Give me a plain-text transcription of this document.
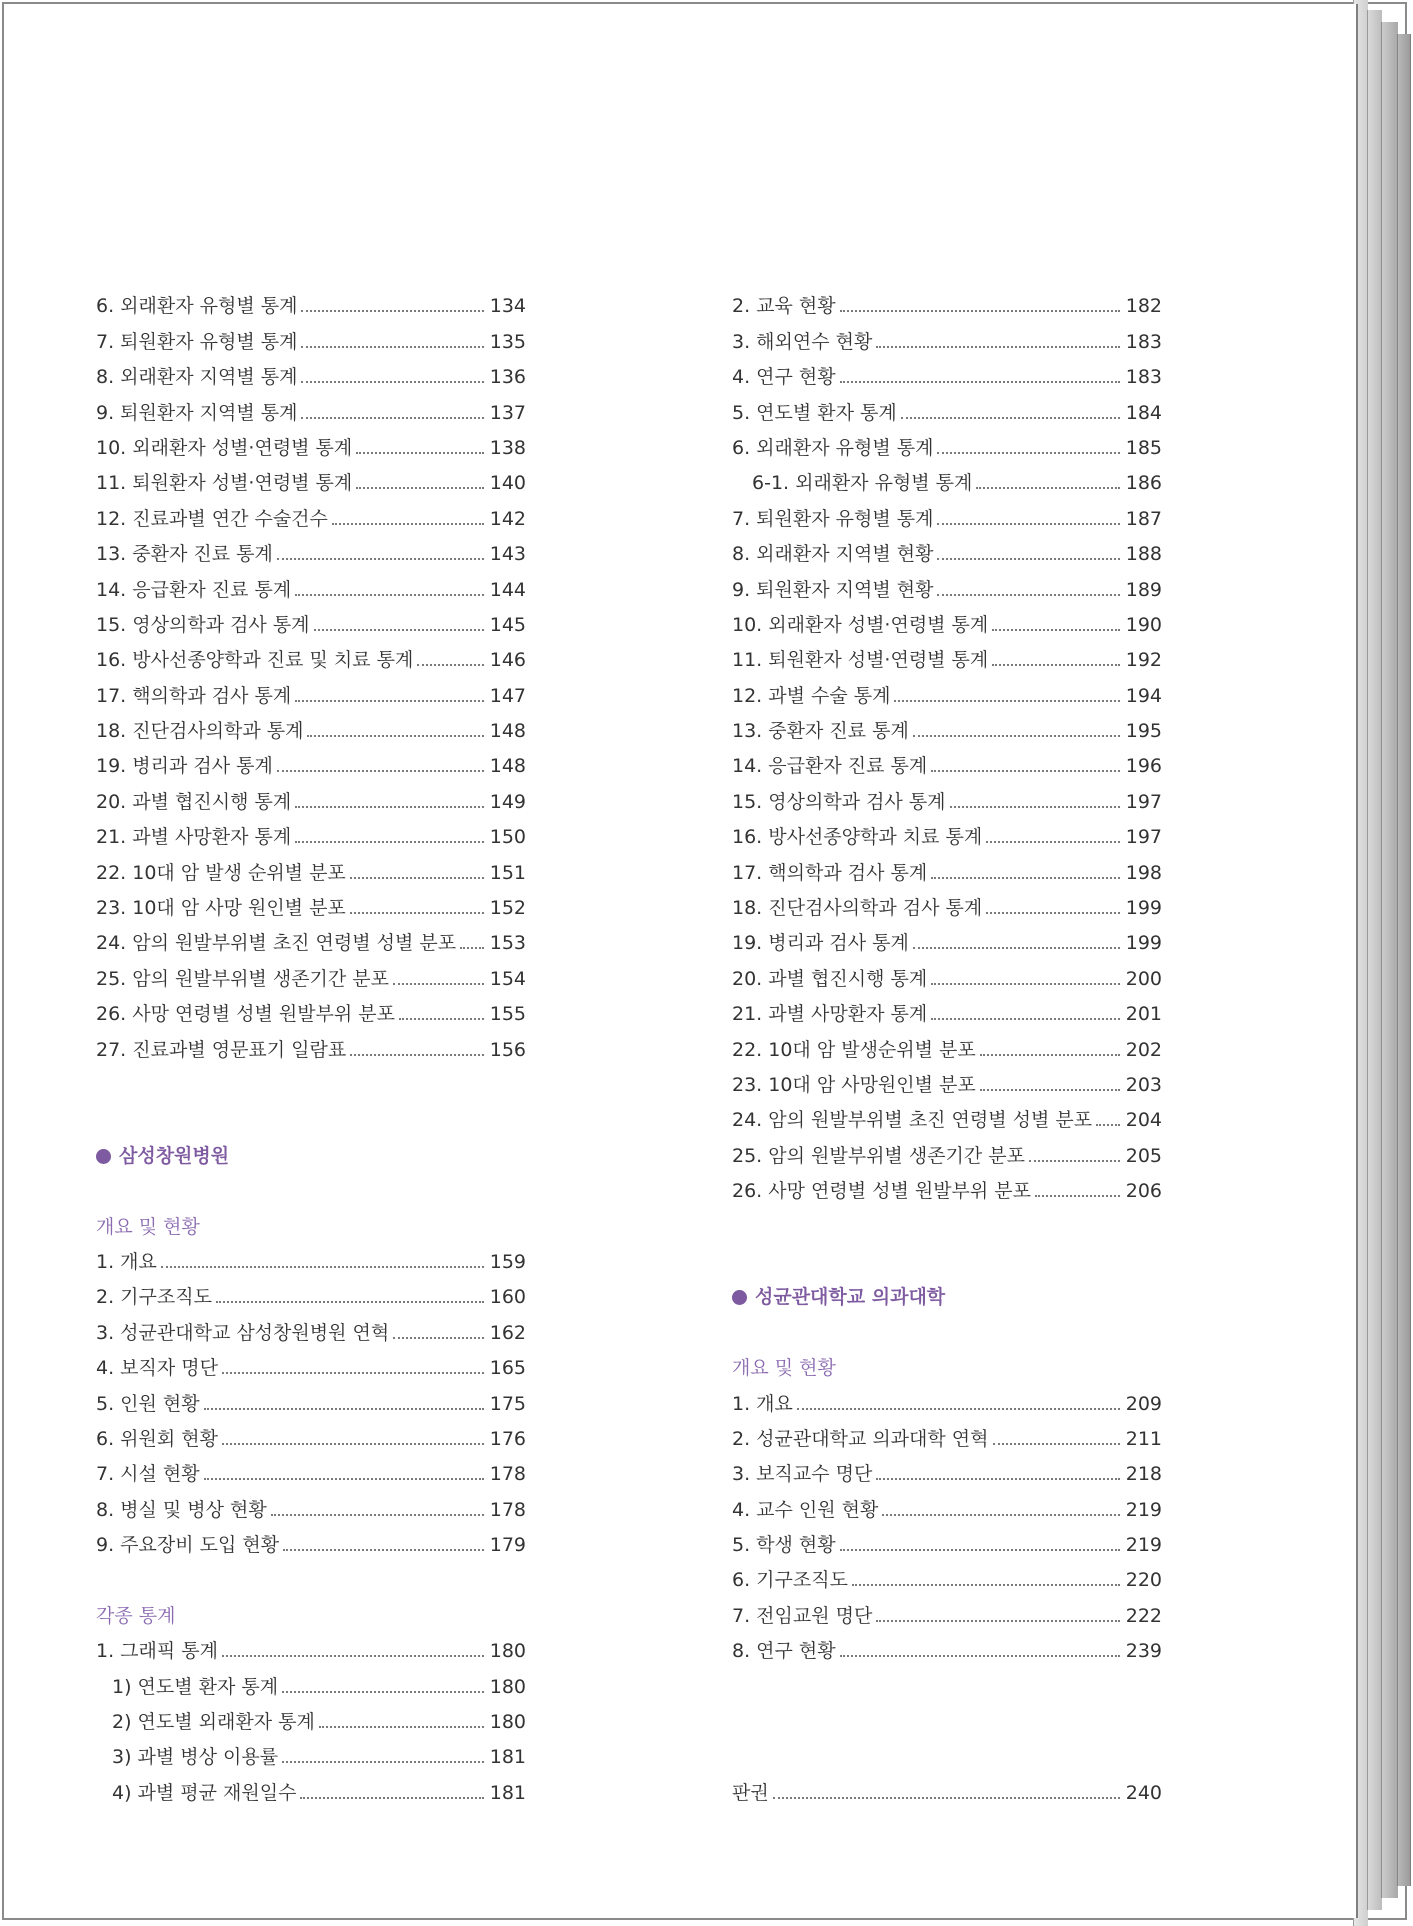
6. 외래환자 유형별 통계	134
7. 퇴원환자 유형별 통계	135
8. 외래환자 지역별 통계	136
9. 퇴원환자 지역별 통계	137
10. 외래환자 성별·연령별 통계	138
11. 퇴원환자 성별·연령별 통계	140
12. 진료과별 연간 수술건수	142
13. 중환자 진료 통계	143
14. 응급환자 진료 통계	144
15. 영상의학과 검사 통계	145
16. 방사선종양학과 진료 및 치료 통계	146
17. 핵의학과 검사 통계	147
18. 진단검사의학과 통계	148
19. 병리과 검사 통계	148
20. 과별 협진시행 통계	149
21. 과별 사망환자 통계	150
22. 10대 암 발생 순위별 분포	151
23. 10대 암 사망 원인별 분포	152
24. 암의 원발부위별 초진 연령별 성별 분포 153
25. 암의 원발부위별 생존기간 분포	154
26. 사망 연령별 성별 원발부위 분포	155
27. 진료과별 영문표기 일람표	156
삼성창원병원
개요 및 현황
1. 개요	159
2. 기구조직도	160
3. 성균관대학교 삼성창원병원 연혁	162
4. 보직자 명단	165
5. 인원 현황	175
6. 위원회 현황	176
7. 시설 현황	178
8. 병실 및 병상 현황	178
9. 주요장비 도입 현황	179
각종 통계
1. 그래픽 통계	180
1) 연도별 환자 통계	180
2) 연도별 외래환자 통계	180
3) 과별 병상 이용률	181
4) 과별 평균 재원일수	181
2. 교육 현황	182
3. 해외연수 현황	183
4. 연구 현황	183
5. 연도별 환자 통계	184
6. 외래환자 유형별 통계	185
6-1. 외래환자 유형별 통계	186
7. 퇴원환자 유형별 통계	187
8. 외래환자 지역별 현황	188
9. 퇴원환자 지역별 현황	189
10. 외래환자 성별·연령별 통계	190
11. 퇴원환자 성별·연령별 통계	192
12. 과별 수술 통계	194
13. 중환자 진료 통계	195
14. 응급환자 진료 통계	196
15. 영상의학과 검사 통계	197
16. 방사선종양학과 치료 통계	197
17. 핵의학과 검사 통계	198
18. 진단검사의학과 검사 통계	199
19. 병리과 검사 통계	199
20. 과별 협진시행 통계	200
21. 과별 사망환자 통계	201
22. 10대 암 발생순위별 분포	202
23. 10대 암 사망원인별 분포	203
24. 암의 원발부위별 초진 연령별 성별 분포 204
25. 암의 원발부위별 생존기간 분포	205
26. 사망 연령별 성별 원발부위 분포	206
성균관대학교 의과대학
개요 및 현황
1. 개요	209
2. 성균관대학교 의과대학 연혁	211
3. 보직교수 명단	218
4. 교수 인원 현황	219
5. 학생 현황	219
6. 기구조직도	220
7. 전임교원 명단	222
8. 연구 현황	239
판권	240
